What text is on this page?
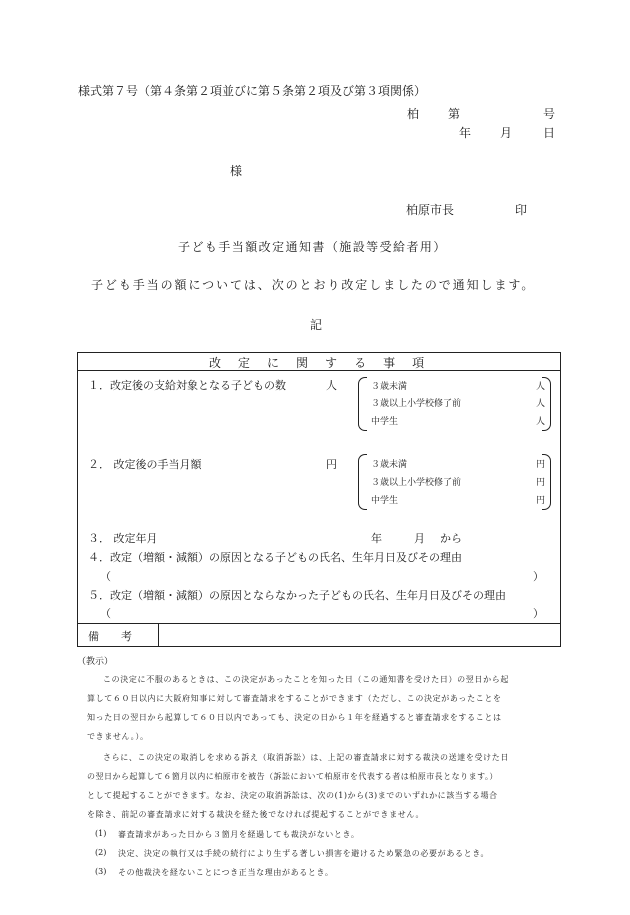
様式第７号（第４条第２項並びに第５条第２項及び第３項関係）
柏 第	号
年 月	日
様
柏原市長	印
子ども手当額改定通知書（施設等受給者用）
子ども手当の額については、次のとおり改定しましたので通知します。
記
改 定 に 関 す る 事 項
１．改定後の支給対象となる子どもの数	人	３歳未満	人
３歳以上小学校修了前	人
中学生	人
２． 改定後の手当月額	円	３歳未満	円
３歳以上小学校修了前	円
中学生	円
３． 改定年月	年	月 から
４．改定（増額・減額）の原因となる子どもの氏名、生年月日及びその理由
（	）
５．改定（増額・減額）の原因とならなかった子どもの氏名、生年月日及びその理由
（	）
備　　考
（教示）
この決定に不服のあるときは、この決定があったことを知った日（この通知書を受けた日）の翌日から起
算して６０日以内に大阪府知事に対して審査請求をすることができます（ただし、この決定があったことを
知った日の翌日から起算して６０日以内であっても、決定の日から１年を経過すると審査請求をすることは
できません。）。
さらに、この決定の取消しを求める訴え（取消訴訟）は、上記の審査請求に対する裁決の送達を受けた日
の翌日から起算して６箇月以内に柏原市を被告（訴訟において柏原市を代表する者は柏原市長となります。）
として提起することができます。なお、決定の取消訴訟は、次の(1)から(3)までのいずれかに該当する場合
を除き、前記の審査請求に対する裁決を経た後でなければ提起することができません。
(1) 審査請求があった日から３箇月を経過しても裁決がないとき。
(2) 決定、決定の執行又は手続の続行により生ずる著しい損害を避けるため緊急の必要があるとき。
(3) その他裁決を経ないことにつき正当な理由があるとき。
